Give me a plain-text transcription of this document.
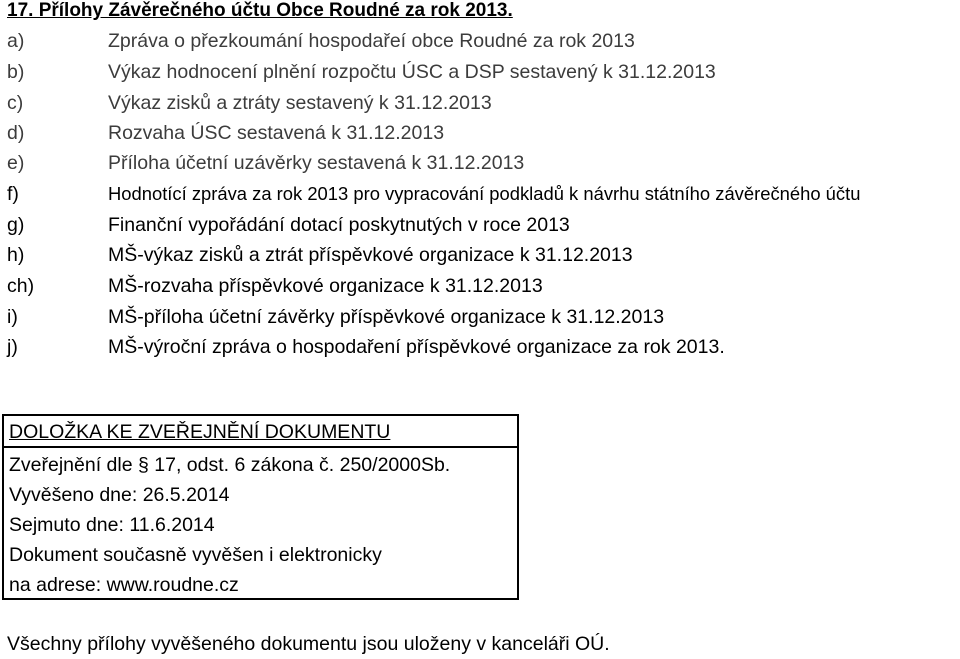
17. Přílohy Závěrečného účtu Obce Roudné za rok 2013.
a)	Zpráva o přezkoumání hospodařeí obce Roudné za rok 2013
b)	Výkaz hodnocení plnění rozpočtu ÚSC a DSP sestavený k 31.12.2013
c)	Výkaz zisků a ztráty sestavený k 31.12.2013
d)	Rozvaha ÚSC sestavená k 31.12.2013
e)	Příloha účetní uzávěrky sestavená k 31.12.2013
f)	Hodnotící zpráva za rok 2013 pro vypracování podkladů k návrhu státního závěrečného účtu
g)	Finanční vypořádání dotací poskytnutých v roce 2013
h)	MŠ-výkaz zisků a ztrát příspěvkové organizace k 31.12.2013
ch)	MŠ-rozvaha příspěvkové organizace k 31.12.2013
i)	MŠ-příloha účetní závěrky příspěvkové organizace k 31.12.2013
j)	MŠ-výroční zpráva o hospodaření příspěvkové organizace za rok 2013.
DOLOŽKA KE ZVEŘEJNĚNÍ DOKUMENTU
Zveřejnění dle § 17, odst. 6 zákona č. 250/2000Sb.
Vyvěšeno dne: 26.5.2014
Sejmuto dne: 11.6.2014
Dokument současně vyvěšen i elektronicky
na adrese: www.roudne.cz
Všechny přílohy vyvěšeného dokumentu jsou uloženy v kanceláři OÚ.
